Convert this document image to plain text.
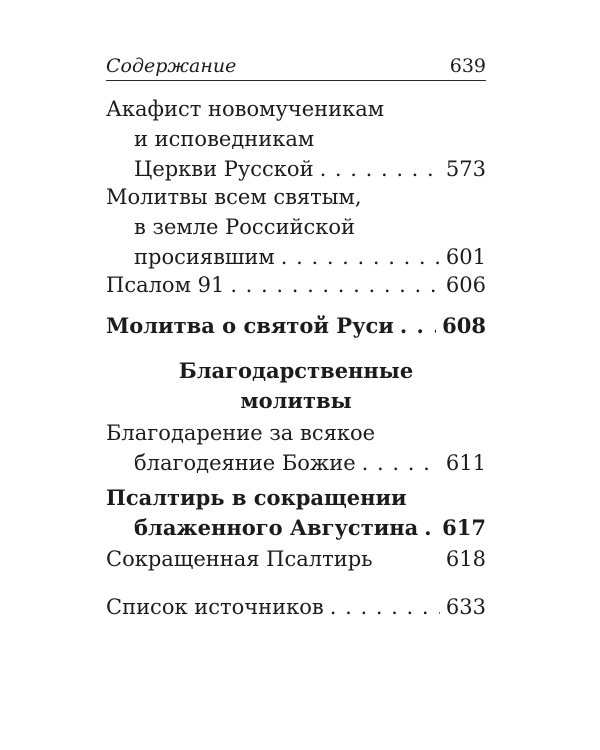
Содержание	639
Акафист новомученикам
и исповедникам
Церкви Русской . . .	573
Молитвы всем святым,
в земле Российской
просиявшим . . .	601
Псалом 91 . . .	606
Молитва о святой Руси . . . 608
Благодарственные
молитвы
Благодарение за всякое
благодеяние Божие . . .	611
Псалтирь в сокращении
блаженного Августина . . . 617
Сокращенная Псалтирь	618
Список источников . . .	633
